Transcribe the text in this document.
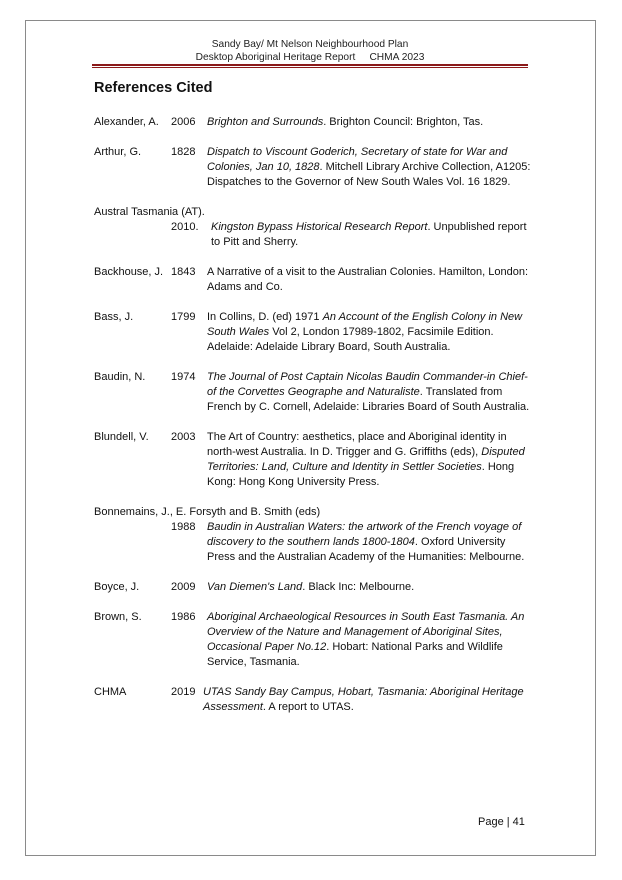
Sandy Bay/ Mt Nelson Neighbourhood Plan
Desktop Aboriginal Heritage Report     CHMA 2023
References Cited
Alexander, A.	2006	Brighton and Surrounds. Brighton Council: Brighton, Tas.
Arthur, G.	1828	Dispatch to Viscount Goderich, Secretary of state for War and Colonies, Jan 10, 1828. Mitchell Library Archive Collection, A1205: Dispatches to the Governor of New South Wales Vol. 16 1829.
Austral Tasmania (AT).
2010.	Kingston Bypass Historical Research Report. Unpublished report to Pitt and Sherry.
Backhouse, J. 1843	A Narrative of a visit to the Australian Colonies. Hamilton, London: Adams and Co.
Bass, J.	1799	In Collins, D. (ed) 1971 An Account of the English Colony in New South Wales Vol 2, London 17989-1802, Facsimile Edition. Adelaide: Adelaide Library Board, South Australia.
Baudin, N.	1974	The Journal of Post Captain Nicolas Baudin Commander-in Chief-of the Corvettes Geographe and Naturaliste. Translated from French by C. Cornell, Adelaide: Libraries Board of South Australia.
Blundell, V.	2003	The Art of Country: aesthetics, place and Aboriginal identity in north-west Australia. In D. Trigger and G. Griffiths (eds), Disputed Territories: Land, Culture and Identity in Settler Societies. Hong Kong: Hong Kong University Press.
Bonnemains, J., E. Forsyth and B. Smith (eds)
1988	Baudin in Australian Waters: the artwork of the French voyage of discovery to the southern lands 1800-1804. Oxford University Press and the Australian Academy of the Humanities: Melbourne.
Boyce, J.	2009	Van Diemen's Land. Black Inc: Melbourne.
Brown, S.	1986	Aboriginal Archaeological Resources in South East Tasmania. An Overview of the Nature and Management of Aboriginal Sites, Occasional Paper No.12. Hobart: National Parks and Wildlife Service, Tasmania.
CHMA	2019 UTAS Sandy Bay Campus, Hobart, Tasmania: Aboriginal Heritage Assessment. A report to UTAS.
Page | 41
